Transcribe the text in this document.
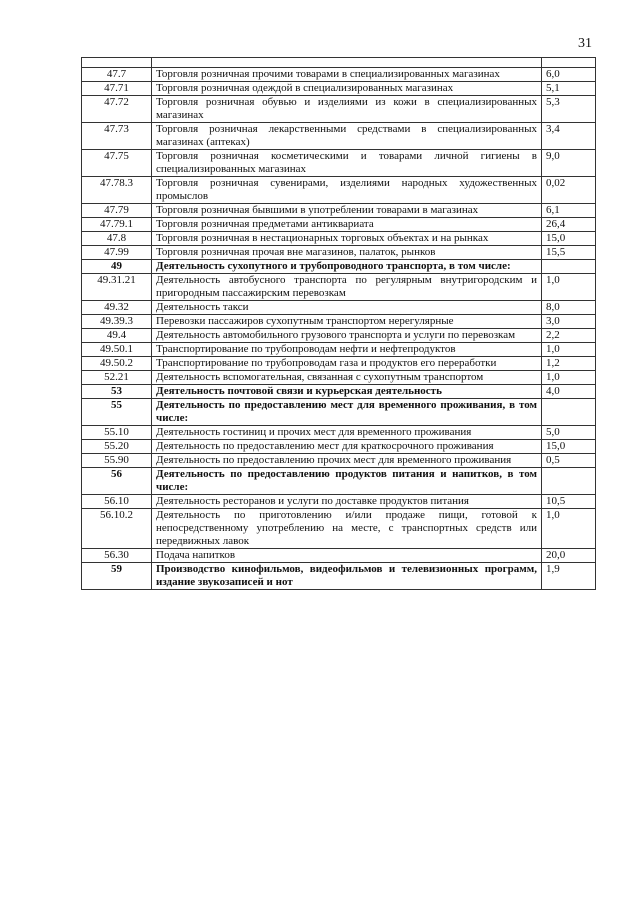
31

47.7	Торговля розничная прочими товарами в специализированных магазинах	6,0
47.71	Торговля розничная одеждой в специализированных магазинах	5,1
47.72	Торговля розничная обувью и изделиями из кожи в специализированных магазинах	5,3
47.73	Торговля розничная лекарственными средствами в специализированных магазинах (аптеках)	3,4
47.75	Торговля розничная косметическими и товарами личной гигиены в специализированных магазинах	9,0
47.78.3	Торговля розничная сувенирами, изделиями народных художественных промыслов	0,02
47.79	Торговля розничная бывшими в употреблении товарами в магазинах	6,1
47.79.1	Торговля розничная предметами антиквариата	26,4
47.8	Торговля розничная в нестационарных торговых объектах и на рынках	15,0
47.99	Торговля розничная прочая вне магазинов, палаток, рынков	15,5
49	Деятельность сухопутного и трубопроводного транспорта, в том числе:	
49.31.21	Деятельность автобусного транспорта по регулярным внутригородским и пригородным пассажирским перевозкам	1,0
49.32	Деятельность такси	8,0
49.39.3	Перевозки пассажиров сухопутным транспортом нерегулярные	3,0
49.4	Деятельность автомобильного грузового транспорта и услуги по перевозкам	2,2
49.50.1	Транспортирование по трубопроводам нефти и нефтепродуктов	1,0
49.50.2	Транспортирование по трубопроводам газа и продуктов его переработки	1,2
52.21	Деятельность вспомогательная, связанная с сухопутным транспортом	1,0
53	Деятельность почтовой связи и курьерская деятельность	4,0
55	Деятельность по предоставлению мест для временного проживания, в том числе:	
55.10	Деятельность гостиниц и прочих мест для временного проживания	5,0
55.20	Деятельность по предоставлению мест для краткосрочного проживания	15,0
55.90	Деятельность по предоставлению прочих мест для временного проживания	0,5
56	Деятельность по предоставлению продуктов питания и напитков, в том числе:	
56.10	Деятельность ресторанов и услуги по доставке продуктов питания	10,5
56.10.2	Деятельность по приготовлению и/или продаже пищи, готовой к непосредственному употреблению на месте, с транспортных средств или передвижных лавок	1,0
56.30	Подача напитков	20,0
59	Производство кинофильмов, видеофильмов и телевизионных программ, издание звукозаписей и нот	1,9
